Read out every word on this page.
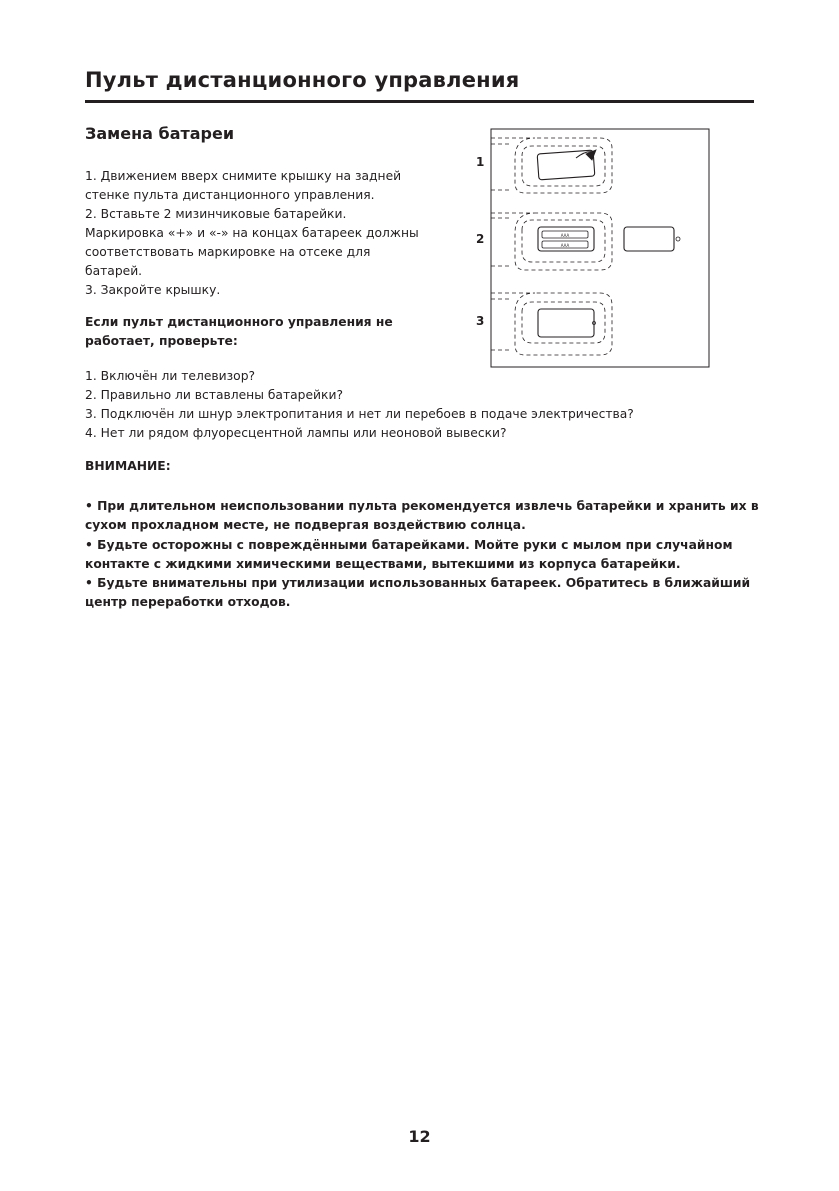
Пульт дистанционного управления
Замена батареи

1. Движением вверх снимите крышку на задней стенке пульта дистанционного управления.

2. Вставьте 2 мизинчиковые батарейки. Маркировка «+» и «-» на концах батареек должны соответствовать маркировке на отсеке для батарей.

3. Закройте крышку.

1
2
3
AAA
AAA

Если пульт дистанционного управления не работает, проверьте:

1. Включён ли телевизор?

2. Правильно ли вставлены батарейки?

3. Подключён ли шнур электропитания и нет ли перебоев в подаче электричества?

4. Нет ли рядом флуоресцентной лампы или неоновой вывески?

ВНИМАНИЕ:

• При длительном неиспользовании пульта рекомендуется извлечь батарейки и хранить их в сухом прохладном месте, не подвергая воздействию солнца.

• Будьте осторожны с повреждёнными батарейками. Мойте руки с мылом при случайном контакте с жидкими химическими веществами, вытекшими из корпуса батарейки.

• Будьте внимательны при утилизации использованных батареек. Обратитесь в ближайший центр переработки отходов.

12
